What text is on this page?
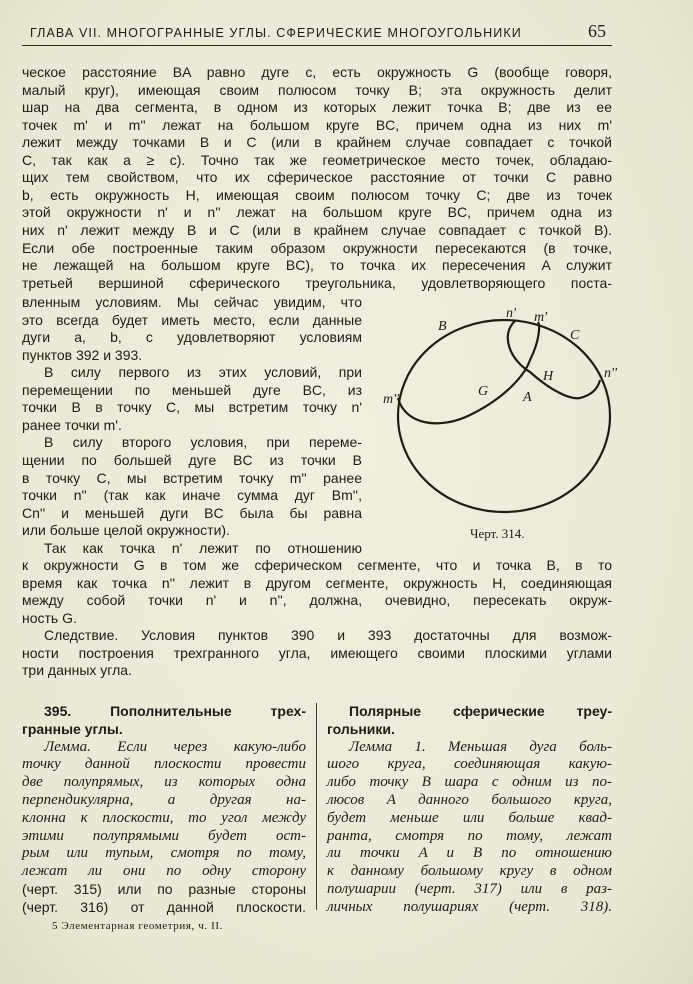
ГЛАВА VII. МНОГОГРАННЫЕ УГЛЫ. СФЕРИЧЕСКИЕ МНОГОУГОЛЬНИКИ	65
ческое расстояние BA равно дуге c, есть окружность G (вообще говоря,
малый круг), имеющая своим полюсом точку B; эта окружность делит
шар на два сегмента, в одном из которых лежит точка B; две из ее
точек m' и m'' лежат на большом круге BC, причем одна из них m'
лежит между точками B и C (или в крайнем случае совпадает с точкой
C, так как a ≥ c). Точно так же геометрическое место точек, обладаю-
щих тем свойством, что их сферическое расстояние от точки C равно
b, есть окружность H, имеющая своим полюсом точку C; две из точек
этой окружности n' и n'' лежат на большом круге BC, причем одна из
них n' лежит между B и C (или в крайнем случае совпадает с точкой B).
Если обе построенные таким образом окружности пересекаются (в точке,
не лежащей на большом круге BC), то точка их пересечения A служит
третьей вершиной сферического треугольника, удовлетворяющего поста-
вленным условиям. Мы сейчас увидим, что
это всегда будет иметь место, если данные
дуги a, b, c удовлетворяют условиям
пунктов 392 и 393.
В силу первого из этих условий, при
перемещении по меньшей дуге BC, из
точки B в точку C, мы встретим точку n'
ранее точки m'.
В силу второго условия, при переме-
щении по большей дуге BC из точки B
в точку C, мы встретим точку m'' ранее
точки n'' (так как иначе сумма дуг Bm'',
Cn'' и меньшей дуги BC была бы равна
или больше целой окружности).
Так как точка n' лежит по отношению
к окружности G в том же сферическом сегменте, что и точка B, в то
время как точка n'' лежит в другом сегменте, окружность H, соединяющая
между собой точки n' и n'', должна, очевидно, пересекать окруж-
ность G.
Следствие. Условия пунктов 390 и 393 достаточны для возмож-
ности построения трехгранного угла, имеющего своими плоскими углами
три данных угла.
395. Пополнительные трех-
гранные углы.
Лемма. Если через какую-либо
точку данной плоскости провести
две полупрямых, из которых одна
перпендикулярна, а другая на-
клонна к плоскости, то угол между
этими полупрямыми будет ост-
рым или тупым, смотря по тому,
лежат ли они по одну сторону
(черт. 315) или по разные стороны
(черт. 316) от данной плоскости.
Полярные сферические треу-
гольники.
Лемма 1. Меньшая дуга боль-
шого круга, соединяющая какую-
либо точку B шара с одним из по-
люсов A данного большого круга,
будет меньше или больше квад-
ранта, смотря по тому, лежат
ли точки A и B по отношению
к данному большому кругу в одном
полушарии (черт. 317) или в раз-
личных полушариях (черт. 318).
B
n' m'
C
H	n''
G A
m''
Черт. 314.
5 Элементарная геометрия, ч. II.
